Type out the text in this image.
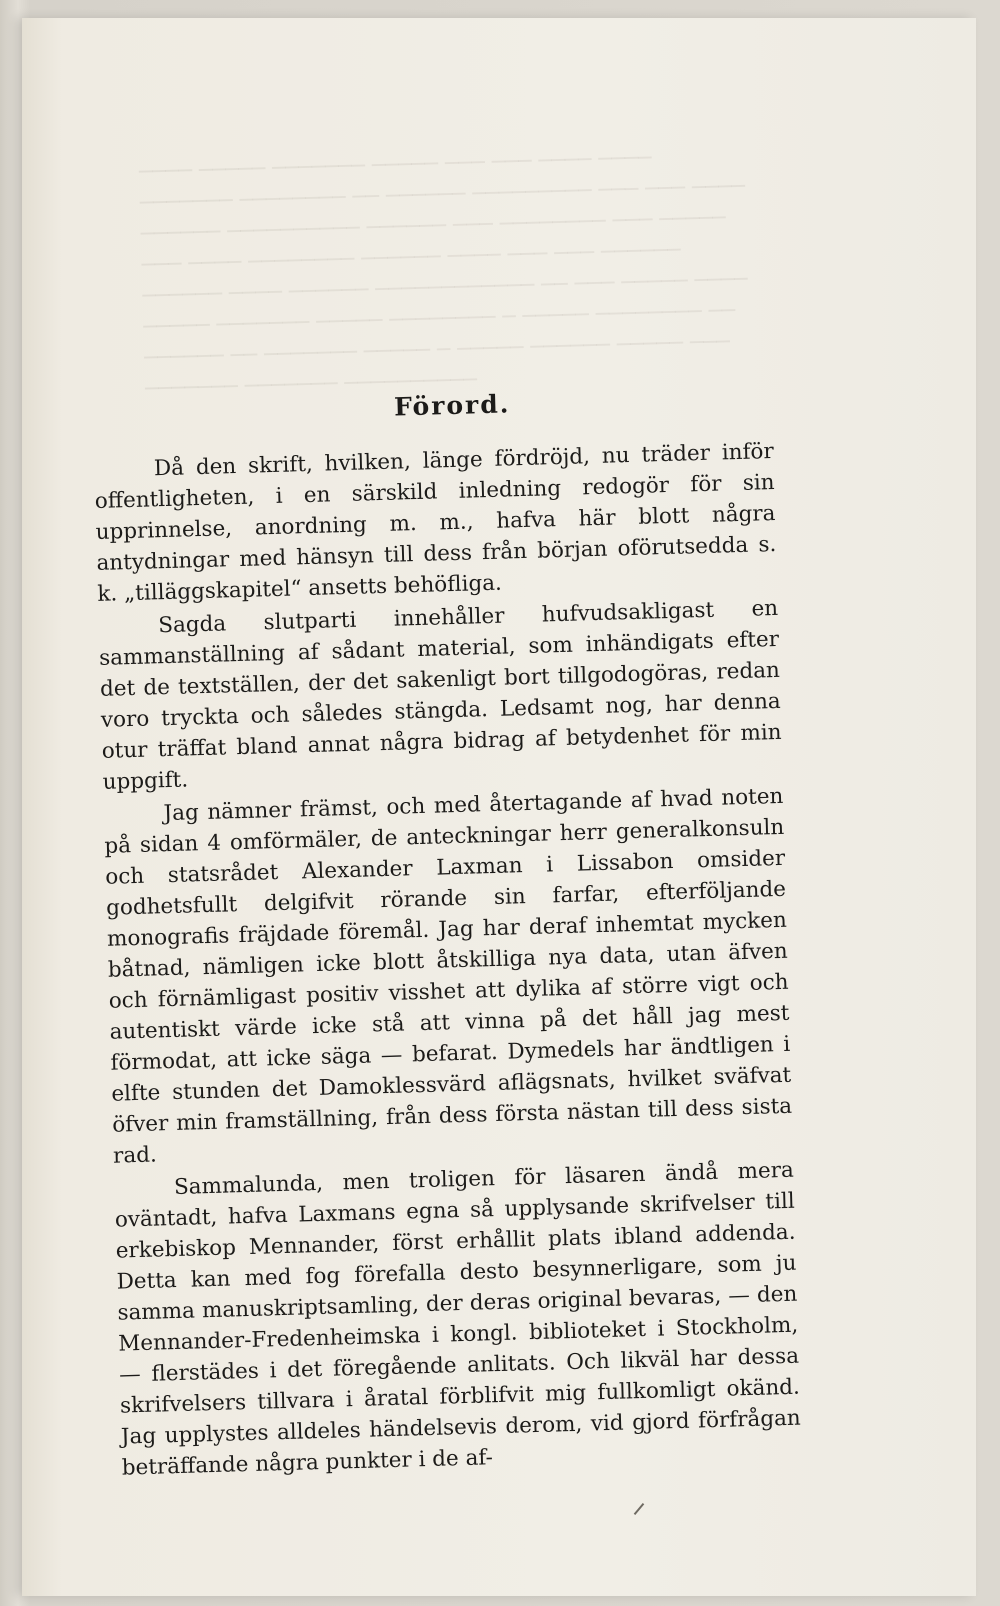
──── ───── ─────── ───── ─── ─── ──── ────
─────── ──────── ── ────── ───────── ─── ─── ────
────── ────────── ────── ─── ──────── ─── ─────
─── ──── ──────── ────── ──── ─── ─── ──────
────── ──── ────── ──────────── ── ─── ───── ────
───── ─────── ───── ──────── ─ ───── ──────── ──
────── ── ─────── ───── ─ ───── ────── ───── ───
─────── ─────── ──────────
Förord.

Då den skrift, hvilken, länge fördröjd, nu träder inför offentligheten, i en särskild inledning redogör för sin upprinnelse, anordning m. m., hafva här blott några antydningar med hänsyn till dess från början oförutsedda s. k. „tilläggskapitel“ ansetts behöfliga.

Sagda slutparti innehåller hufvudsakligast en sammanställning af sådant material, som inhändigats efter det de textställen, der det sakenligt bort tillgodogöras, redan voro tryckta och således stängda. Ledsamt nog, har denna otur träffat bland annat några bidrag af betydenhet för min uppgift.

Jag nämner främst, och med återtagande af hvad noten på sidan 4 omförmäler, de anteckningar herr generalkonsuln och statsrådet Alexander Laxman i Lissabon omsider godhetsfullt delgifvit rörande sin farfar, efterföljande monografis fräjdade föremål. Jag har deraf inhemtat mycken båtnad, nämligen icke blott åtskilliga nya data, utan äfven och förnämligast positiv visshet att dylika af större vigt och autentiskt värde icke stå att vinna på det håll jag mest förmodat, att icke säga — befarat. Dymedels har ändtligen i elfte stunden det Damoklessvärd aflägsnats, hvilket sväfvat öfver min framställning, från dess första nästan till dess sista rad.

Sammalunda, men troligen för läsaren ändå mera oväntadt, hafva Laxmans egna så upplysande skrifvelser till erkebiskop Mennander, först erhållit plats ibland addenda. Detta kan med fog förefalla desto besynnerligare, som ju samma manuskriptsamling, der deras original bevaras, — den Mennander-Fredenheimska i kongl. biblioteket i Stockholm, — flerstädes i det föregående anlitats. Och likväl har dessa skrifvelsers tillvara i åratal förblifvit mig fullkomligt okänd. Jag upplystes alldeles händelsevis derom, vid gjord förfrågan beträffande några punkter i de af-
